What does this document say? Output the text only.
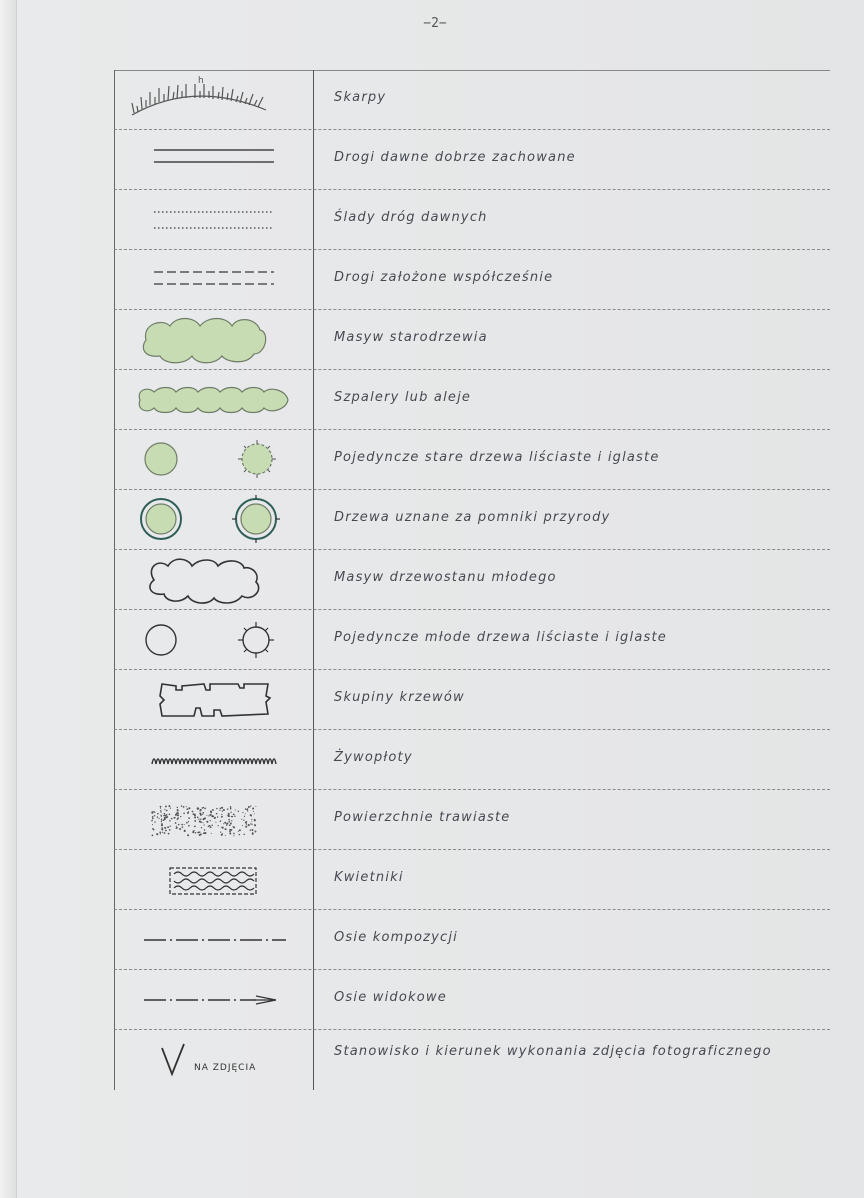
−2−
h
Skarpy
Drogi dawne dobrze zachowane
Ślady dróg dawnych
Drogi założone współcześnie
Masyw starodrzewia
Szpalery lub aleje
Pojedyncze stare drzewa liściaste i iglaste
Drzewa uznane za pomniki przyrody
Masyw drzewostanu młodego
Pojedyncze młode drzewa liściaste i iglaste
Skupiny krzewów
Żywopłoty
Powierzchnie trawiaste
Kwietniki
Osie kompozycji
Osie widokowe
NA ZDJĘCIA
Stanowisko i kierunek wykonania zdjęcia fotograficznego
